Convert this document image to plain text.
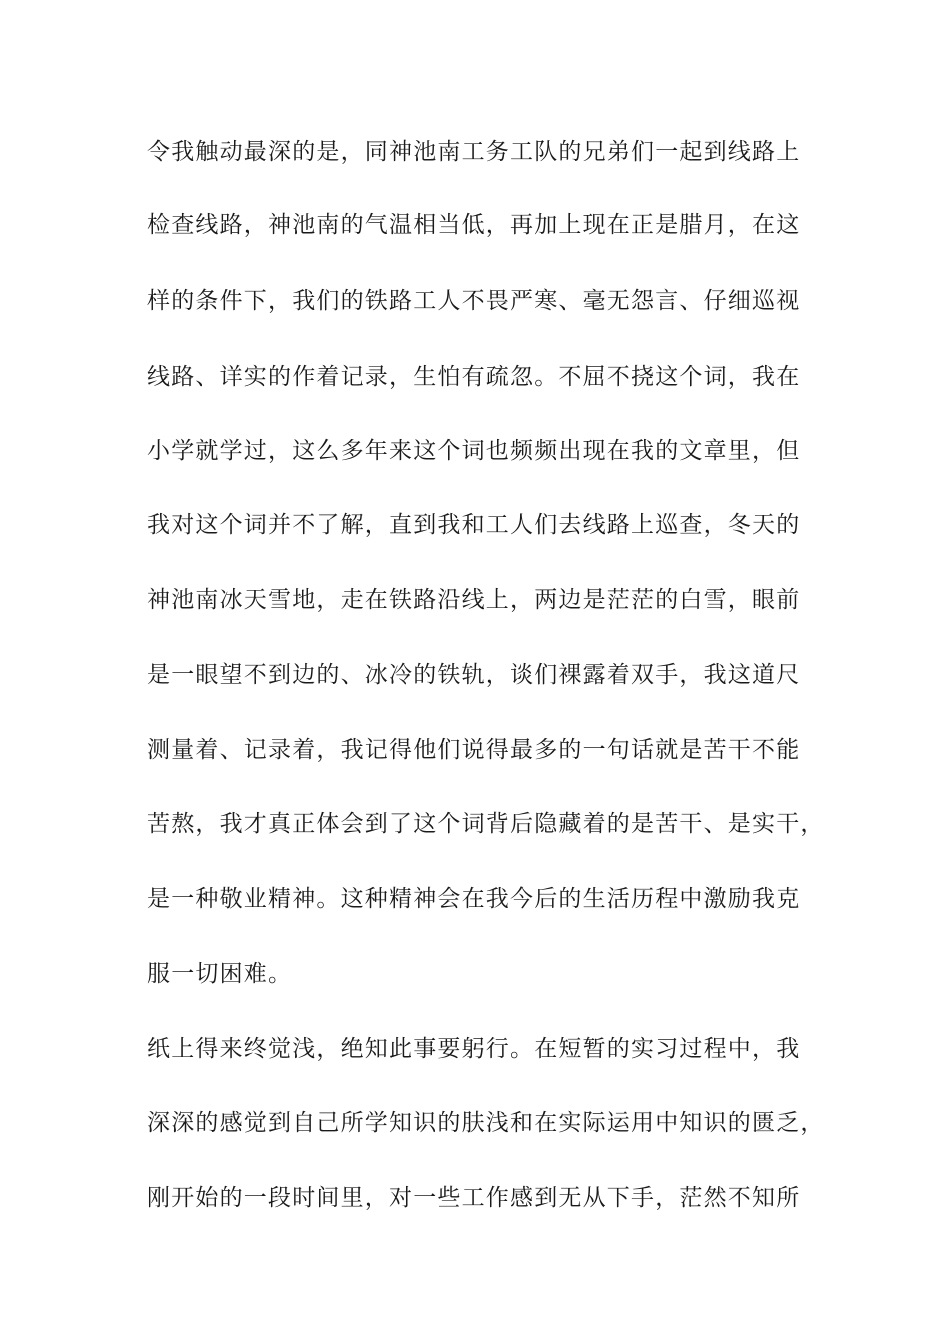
令我触动最深的是，同神池南工务工队的兄弟们一起到线路上
检查线路，神池南的气温相当低，再加上现在正是腊月，在这
样的条件下，我们的铁路工人不畏严寒、毫无怨言、仔细巡视
线路、详实的作着记录，生怕有疏忽。不屈不挠这个词，我在
小学就学过，这么多年来这个词也频频出现在我的文章里，但
我对这个词并不了解，直到我和工人们去线路上巡查，冬天的
神池南冰天雪地，走在铁路沿线上，两边是茫茫的白雪，眼前
是一眼望不到边的、冰冷的铁轨，谈们裸露着双手，我这道尺
测量着、记录着，我记得他们说得最多的一句话就是苦干不能
苦熬，我才真正体会到了这个词背后隐藏着的是苦干、是实干，
是一种敬业精神。这种精神会在我今后的生活历程中激励我克
服一切困难。
纸上得来终觉浅，绝知此事要躬行。在短暂的实习过程中，我
深深的感觉到自己所学知识的肤浅和在实际运用中知识的匮乏，
刚开始的一段时间里，对一些工作感到无从下手，茫然不知所
